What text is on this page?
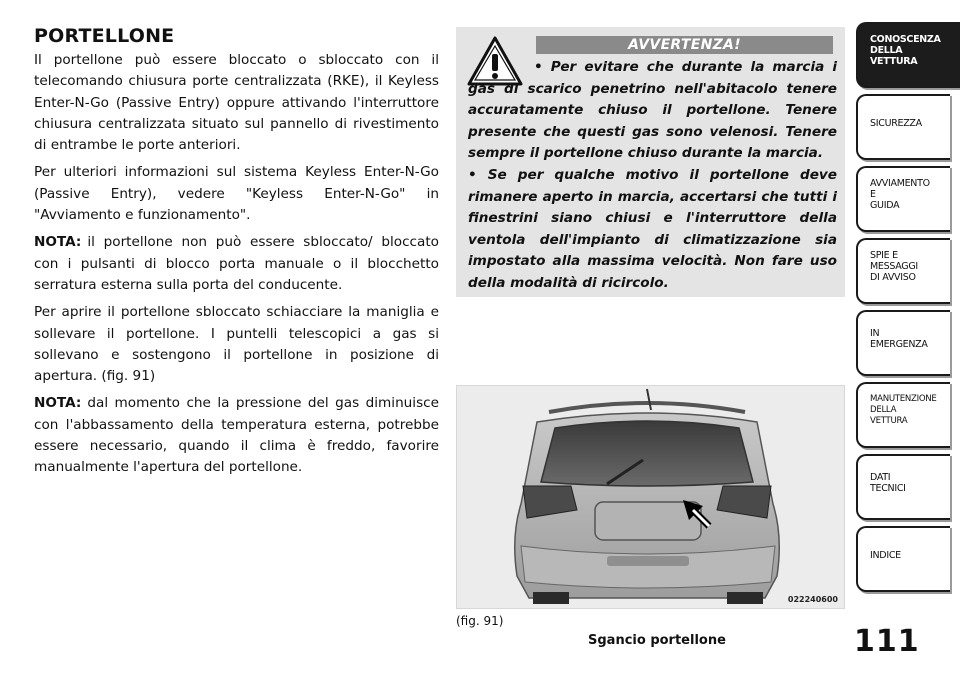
PORTELLONE

Il portellone può essere bloccato o sbloccato con il telecomando chiusura porte centralizzata (RKE), il Keyless Enter-N-Go (Passive Entry) oppure attivando l'interruttore chiusura centralizzata situato sul pannello di rivestimento di entrambe le porte anteriori.

Per ulteriori informazioni sul sistema Keyless Enter-N-Go (Passive Entry), vedere "Keyless Enter-N-Go" in "Avviamento e funzionamento".

NOTA: il portellone non può essere sbloccato/ bloccato con i pulsanti di blocco porta manuale o il blocchetto serratura esterna sulla porta del conducente.

Per aprire il portellone sbloccato schiacciare la maniglia e sollevare il portellone. I puntelli telescopici a gas si sollevano e sostengono il portellone in posizione di apertura. (fig. 91)

NOTA: dal momento che la pressione del gas diminuisce con l'abbassamento della temperatura esterna, potrebbe essere necessario, quando il clima è freddo, favorire manualmente l'apertura del portellone.

AVVERTENZA!

• Per evitare che durante la marcia i gas di scarico penetrino nell'abitacolo tenere accuratamente chiuso il portellone. Tenere presente che questi gas sono velenosi. Tenere sempre il portellone chiuso durante la marcia.

• Se per qualche motivo il portellone deve rimanere aperto in marcia, accertarsi che tutti i finestrini siano chiusi e l'interruttore della ventola dell'impianto di climatizzazione sia impostato alla massima velocità. Non fare uso della modalità di ricircolo.

022240600
(fig. 91)
Sgancio portellone	111
CONOSCENZA
DELLA
VETTURA
SICUREZZA
AVVIAMENTO
E
GUIDA
SPIE E
MESSAGGI
DI AVVISO
IN
EMERGENZA
MANUTENZIONE
DELLA
VETTURA
DATI
TECNICI
INDICE
